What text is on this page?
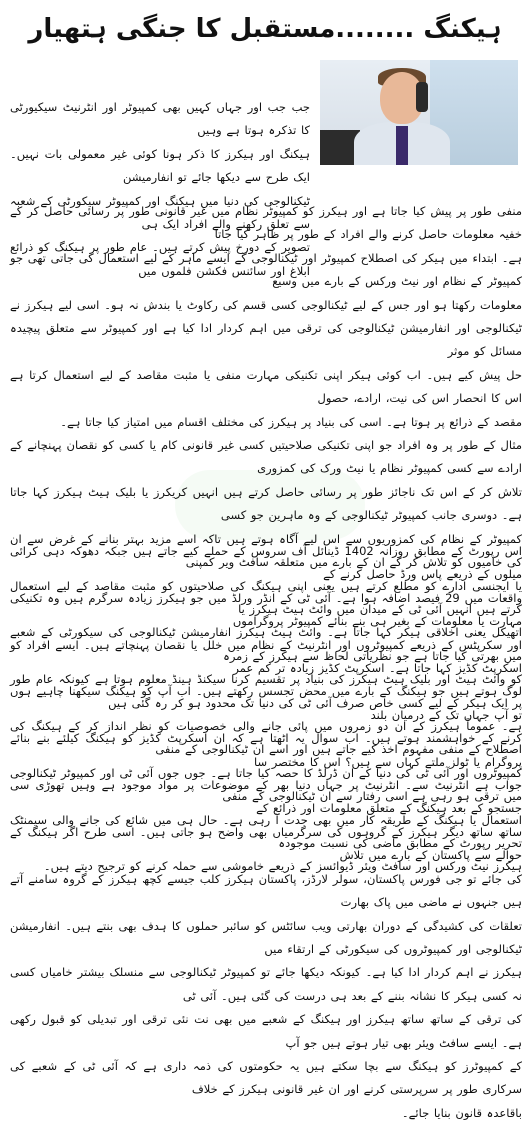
ہیکنگ ........مستقبل کا جنگی ہتھیار
جب جب اور جہاں کہیں بھی کمپیوٹر اور انٹرنیٹ سیکیورٹی کا تذکرہ ہوتا ہے وہیں
ہیکنگ اور ہیکرز کا ذکر ہونا کوئی غیر معمولی بات نہیں۔ ایک طرح سے دیکھا جائے تو انفارمیشن
ٹیکنالوجی کی دنیا میں ہیکنگ اور کمپیوٹر سیکورٹی کے شعبہ سے تعلق رکھنے والے افراد ایک ہی
تصویر کے دورخ پیش کرتے ہیں۔ عام طور پر ہیکنگ کو ذرائع ابلاغ اور سائنس فکشن فلموں میں
منفی طور پر پیش کیا جاتا ہے اور ہیکرز کو کمپیوٹر نظام میں غیر قانونی طور پر رسائی حاصل کر کے خفیہ معلومات حاصل کرنے والے افراد کے طور پر ظاہر کیا جاتا
ہے۔ ابتداء میں ہیکر کی اصطلاح کمپیوٹر اور ٹیکنالوجی کے ایسے ماہر کے لیے استعمال کی جاتی تھی جو کمپیوٹر کے نظام اور نیٹ ورکس کے بارے میں وسیع
معلومات رکھتا ہو اور جس کے لیے ٹیکنالوجی کسی قسم کی رکاوٹ یا بندش نہ ہو۔ اسی لیے ہیکرز نے ٹیکنالوجی اور انفارمیشن ٹیکنالوجی کی ترقی میں اہم کردار ادا کیا ہے اور کمپیوٹر سے متعلق پیچیدہ مسائل کو موثر
حل پیش کیے ہیں۔ اب کوئی ہیکر اپنی تکنیکی مہارت منفی یا مثبت مقاصد کے لیے استعمال کرتا ہے اس کا انحصار اس کی نیت، ارادے، حصول
مقصد کے ذرائع پر ہوتا ہے۔ اسی کی بنیاد پر ہیکرز کی مختلف اقسام میں امتیاز کیا جاتا ہے۔
مثال کے طور پر وہ افراد جو اپنی تکنیکی صلاحیتیں کسی غیر قانونی کام یا کسی کو نقصان پہنچانے کے ارادے سے کسی کمپیوٹر نظام یا نیٹ ورک کی کمزوری
تلاش کر کے اس تک ناجائز طور پر رسائی حاصل کرتے ہیں انہیں کریکرز یا بلیک ہیٹ ہیکرز کہا جاتا ہے۔ دوسری جانب کمپیوٹر ٹیکنالوجی کے وہ ماہرین جو کسی
کمپیوٹر کے نظام کی کمزوریوں سے اس لیے آگاہ ہوتے ہیں تاکہ اسے مزید بہتر بنانے کے غرض سے ان کی خامیوں کو تلاش کر کے ان کے بارے میں متعلقہ سافٹ ویر کمپنی
یا ایجنسی ادارے کو مطلع کرتے ہیں یعنی اپنی ہیکنگ کی صلاحیتوں کو مثبت مقاصد کے لیے استعمال کرتے ہیں انہیں آئی ٹی کے میدان میں وائٹ ہیٹ ہیکرز یا
اتھیکل یعنی اخلاقی ہیکر کہا جاتا ہے۔ وائٹ ہیٹ ہیکرز انفارمیشن ٹیکنالوجی کی سیکورٹی کے شعبے میں بھرتی کیا جاتا ہے جو نظریاتی لحاظ سے ہیکرز کے زمرہ
کو وائٹ ہیٹ اور بلیک ہیٹ ہیکرز کی بنیاد پر تقسیم کرنا سیکنڈ ہینڈ معلوم ہوتا ہے کیونکہ عام طور پر ایک ہیکر کے لیے کسی خاص صرف آئی ٹی کی دنیا تک محدود ہو کر رہ گئی ہیں
ہے۔ عموماً ہیکرز کے ان دو زمروں میں پائی جانے والی خصوصیات کو نظر انداز کر کے ہیکنگ کی اصطلاح کے منفی مفہوم اخذ کیے جاتے ہیں اور اسے ان ٹیکنالوجی کے منفی
کمپیوٹروں اور آئی ٹی کی دنیا کے ان ڈرلڈ کا حصہ کیا جاتا ہے۔ جوں جوں آئی ٹی اور کمپیوٹر ٹیکنالوجی میں ترقی ہو رہی ہے اسی رفتار سے ان ٹیکنالوجی کے منفی
استعمال یا ہیکنگ کے طریقہ کار میں بھی جدت آ رہی ہے۔ حال ہی میں شائع کی جانے والی سیمنٹک تحریر رپورٹ کے مطابق ماضی کی نسبت موجودہ
ہیکرز نیٹ ورکس اور سافٹ ویئر ڈیوائسز کے ذریعے خاموشی سے حملہ کرنے کو ترجیح دیتے ہیں۔
اس رپورٹ کے مطابق روزانہ 1402 ڈینائل آف سروس کے حملے کیے جاتے ہیں جبکہ دھوکہ دہی کرائی میلوں کے ذریعے پاس ورڈ حاصل کرنے کے
واقعات میں 29 فیصد اضافہ ہوا ہے۔ آئی ٹی کے انڈر ورلڈ میں جو ہیکرز زیادہ سرگرم ہیں وہ تکنیکی مہارت یا معلومات کے بغیر ہی بنے بنائے کمپیوٹر پروگراموں
اور سکرپٹس کے ذریعے کمپیوٹروں اور انٹرنیٹ کے نظام میں خلل یا نقصان پہنچاتے ہیں۔ ایسے افراد کو اسکرپٹ کڈیز کہا جاتا ہے۔ اسکرپٹ کڈیز زیادہ تر کم عمر
لوگ ہوتے ہیں جو ہیکنگ کے بارے میں محض تجسس رکھتے ہیں۔ اب آپ کو ہیکنگ سیکھنا چاہیے ہوں تو آپ جہاں تک کے درمیان بلند
کرنے کے خواہشمند ہوتے ہیں۔ اب سوال یہ اٹھتا ہے کہ ان اسکرپٹ کڈیز کو ہیکنگ کیلئے بنے بنائے پروگرام یا ٹولز ملتے کہاں سے ہیں؟ اس کا مختصر سا
جواب ہے انٹرنیٹ سے۔ انٹرنیٹ پر جہاں دنیا بھر کے موضوعات پر مواد موجود ہے وہیں تھوڑی سی جستجو کے بعد ہیکنگ کے متعلق معلومات اور ذرائع کے
ساتھ ساتھ دیگر ہیکرز کے گروہوں کی سرگرمیاں بھی واضح ہو جاتی ہیں۔ اسی طرح اگر ہیکنگ کے حوالے سے پاکستان کے بارے میں تلاش
کی جائے تو جی فورس پاکستان، سولر لارڈز، پاکستان ہیکرز کلب جیسے کچھ ہیکرز کے گروہ سامنے آتے ہیں جنہوں نے ماضی میں پاک بھارت
تعلقات کی کشیدگی کے دوران بھارتی ویب سائٹس کو سائبر حملوں کا ہدف بھی بنتے ہیں۔ انفارمیشن ٹیکنالوجی اور کمپیوٹروں کی سیکورٹی کے ارتقاء میں
ہیکرز نے اہم کردار ادا کیا ہے۔ کیونکہ دیکھا جائے تو کمپیوٹر ٹیکنالوجی سے منسلک بیشتر خامیاں کسی نہ کسی ہیکر کا نشانہ بننے کے بعد ہی درست کی گئی ہیں۔ آئی ٹی
کی ترقی کے ساتھ ساتھ ہیکرز اور ہیکنگ کے شعبے میں بھی نت نئی ترقی اور تبدیلی کو قبول رکھی ہے۔ ایسے سافٹ ویئر بھی تیار ہوتے ہیں جو آپ
کے کمپیوٹرز کو ہیکنگ سے بچا سکتے ہیں یہ حکومتوں کی ذمہ داری ہے کہ آئی ٹی کے شعبے کی سرکاری طور پر سرپرستی کرنے اور ان غیر قانونی ہیکرز کے خلاف
باقاعدہ قانون بنایا جائے۔
